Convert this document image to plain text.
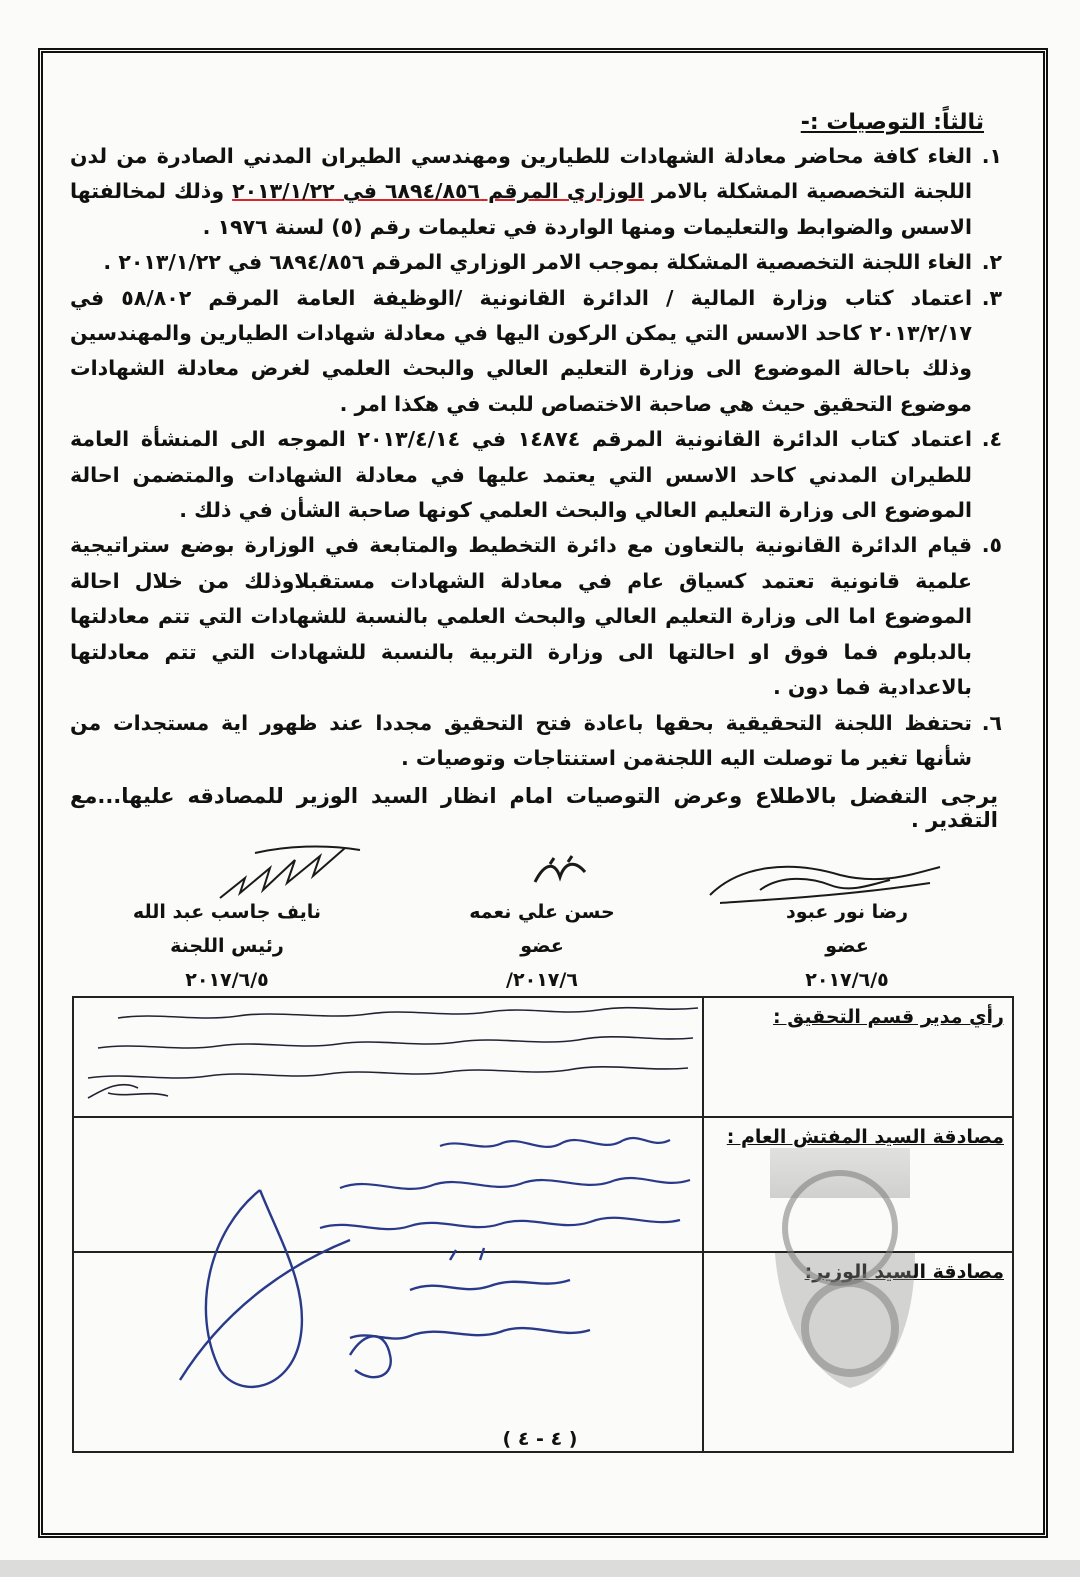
ثالثاً: التوصيات :-
١.
الغاء كافة محاضر معادلة الشهادات للطيارين ومهندسي الطيران المدني الصادرة من لدن اللجنة التخصصية المشكلة بالامر الوزاري المرقم ٦٨٩٤/٨٥٦ في ٢٠١٣/١/٢٢ وذلك لمخالفتها الاسس والضوابط والتعليمات ومنها الواردة في تعليمات رقم (٥) لسنة ١٩٧٦ .
٢.
الغاء اللجنة التخصصية المشكلة بموجب الامر الوزاري المرقم ٦٨٩٤/٨٥٦ في ٢٠١٣/١/٢٢ .
٣.
اعتماد كتاب وزارة المالية / الدائرة القانونية /الوظيفة العامة المرقم ٥٨/٨٠٢ في ٢٠١٣/٢/١٧ كاحد الاسس التي يمكن الركون اليها في معادلة شهادات الطيارين والمهندسين وذلك باحالة الموضوع الى وزارة التعليم العالي والبحث العلمي لغرض معادلة الشهادات موضوع التحقيق حيث هي صاحبة الاختصاص للبت في هكذا امر .
٤.
اعتماد كتاب الدائرة القانونية المرقم ١٤٨٧٤ في ٢٠١٣/٤/١٤ الموجه الى المنشأة العامة للطيران المدني كاحد الاسس التي يعتمد عليها في معادلة الشهادات والمتضمن احالة الموضوع الى وزارة التعليم العالي والبحث العلمي كونها صاحبة الشأن في ذلك .
٥.
قيام الدائرة القانونية بالتعاون مع دائرة التخطيط والمتابعة في الوزارة بوضع ستراتيجية علمية قانونية تعتمد كسياق عام في معادلة الشهادات مستقبلاوذلك من خلال احالة الموضوع اما الى وزارة التعليم العالي والبحث العلمي بالنسبة للشهادات التي تتم معادلتها بالدبلوم فما فوق او احالتها الى وزارة التربية بالنسبة للشهادات التي تتم معادلتها بالاعدادية فما دون .
٦.
تحتفظ اللجنة التحقيقية بحقها باعادة فتح التحقيق مجددا عند ظهور اية مستجدات من شأنها تغير ما توصلت اليه اللجنةمن استنتاجات وتوصيات .
يرجى التفضل بالاطلاع وعرض التوصيات امام انظار السيد الوزير للمصادقه عليها...مع التقدير .
رضا نور عبود
عضو
٢٠١٧/٦/٥
حسن علي نعمه
عضو
٢٠١٧/٦/
نايف جاسب عبد الله
رئيس اللجنة
٢٠١٧/٦/٥
رأي مدير قسم التحقيق :	
مصادقة السيد المفتش العام :	
مصادقة السيد الوزير:	
( ٤ - ٤ )
